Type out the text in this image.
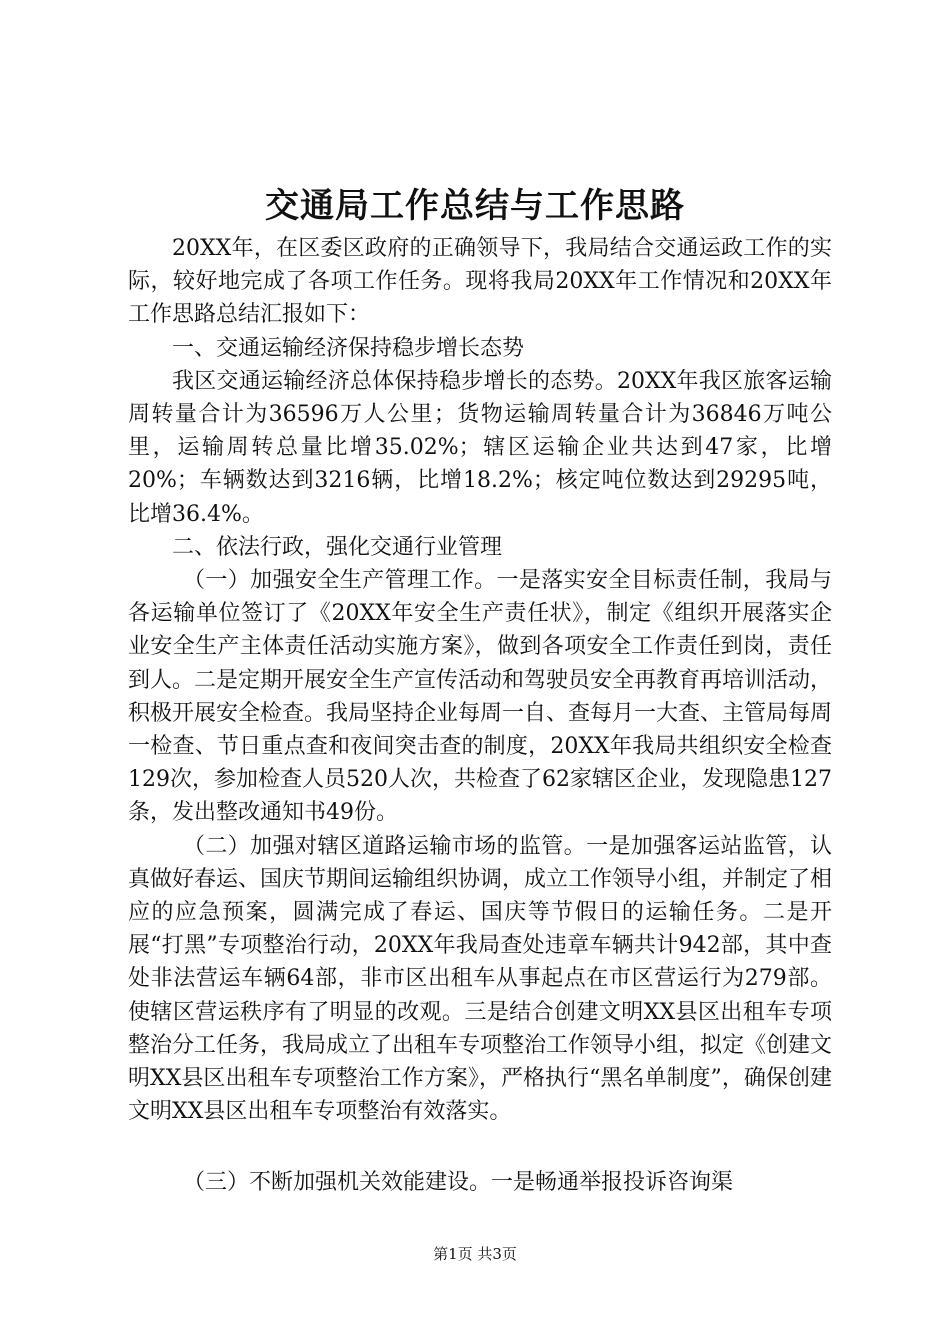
交通局工作总结与工作思路

20XX年，在区委区政府的正确领导下，我局结合交通运政工作的实际，较好地完成了各项工作任务。现将我局20XX年工作情况和20XX年工作思路总结汇报如下：

一、交通运输经济保持稳步增长态势

我区交通运输经济总体保持稳步增长的态势。20XX年我区旅客运输周转量合计为36596万人公里；货物运输周转量合计为36846万吨公里，运输周转总量比增35.02%；辖区运输企业共达到47家，比增20%；车辆数达到3216辆，比增18.2%；核定吨位数达到29295吨，比增36.4%。

二、依法行政，强化交通行业管理

（一）加强安全生产管理工作。一是落实安全目标责任制，我局与各运输单位签订了《20XX年安全生产责任状》，制定《组织开展落实企业安全生产主体责任活动实施方案》，做到各项安全工作责任到岗，责任到人。二是定期开展安全生产宣传活动和驾驶员安全再教育再培训活动，积极开展安全检查。我局坚持企业每周一自、查每月一大查、主管局每周一检查、节日重点查和夜间突击查的制度，20XX年我局共组织安全检查129次，参加检查人员520人次，共检查了62家辖区企业，发现隐患127条，发出整改通知书49份。

（二）加强对辖区道路运输市场的监管。一是加强客运站监管，认真做好春运、国庆节期间运输组织协调，成立工作领导小组，并制定了相应的应急预案，圆满完成了春运、国庆等节假日的运输任务。二是开展“打黑”专项整治行动，20XX年我局查处违章车辆共计942部，其中查处非法营运车辆64部，非市区出租车从事起点在市区营运行为279部。使辖区营运秩序有了明显的改观。三是结合创建文明XX县区出租车专项整治分工任务，我局成立了出租车专项整治工作领导小组，拟定《创建文明XX县区出租车专项整治工作方案》，严格执行“黑名单制度”，确保创建文明XX县区出租车专项整治有效落实。

（三）不断加强机关效能建设。一是畅通举报投诉咨询渠

第1页 共3页
